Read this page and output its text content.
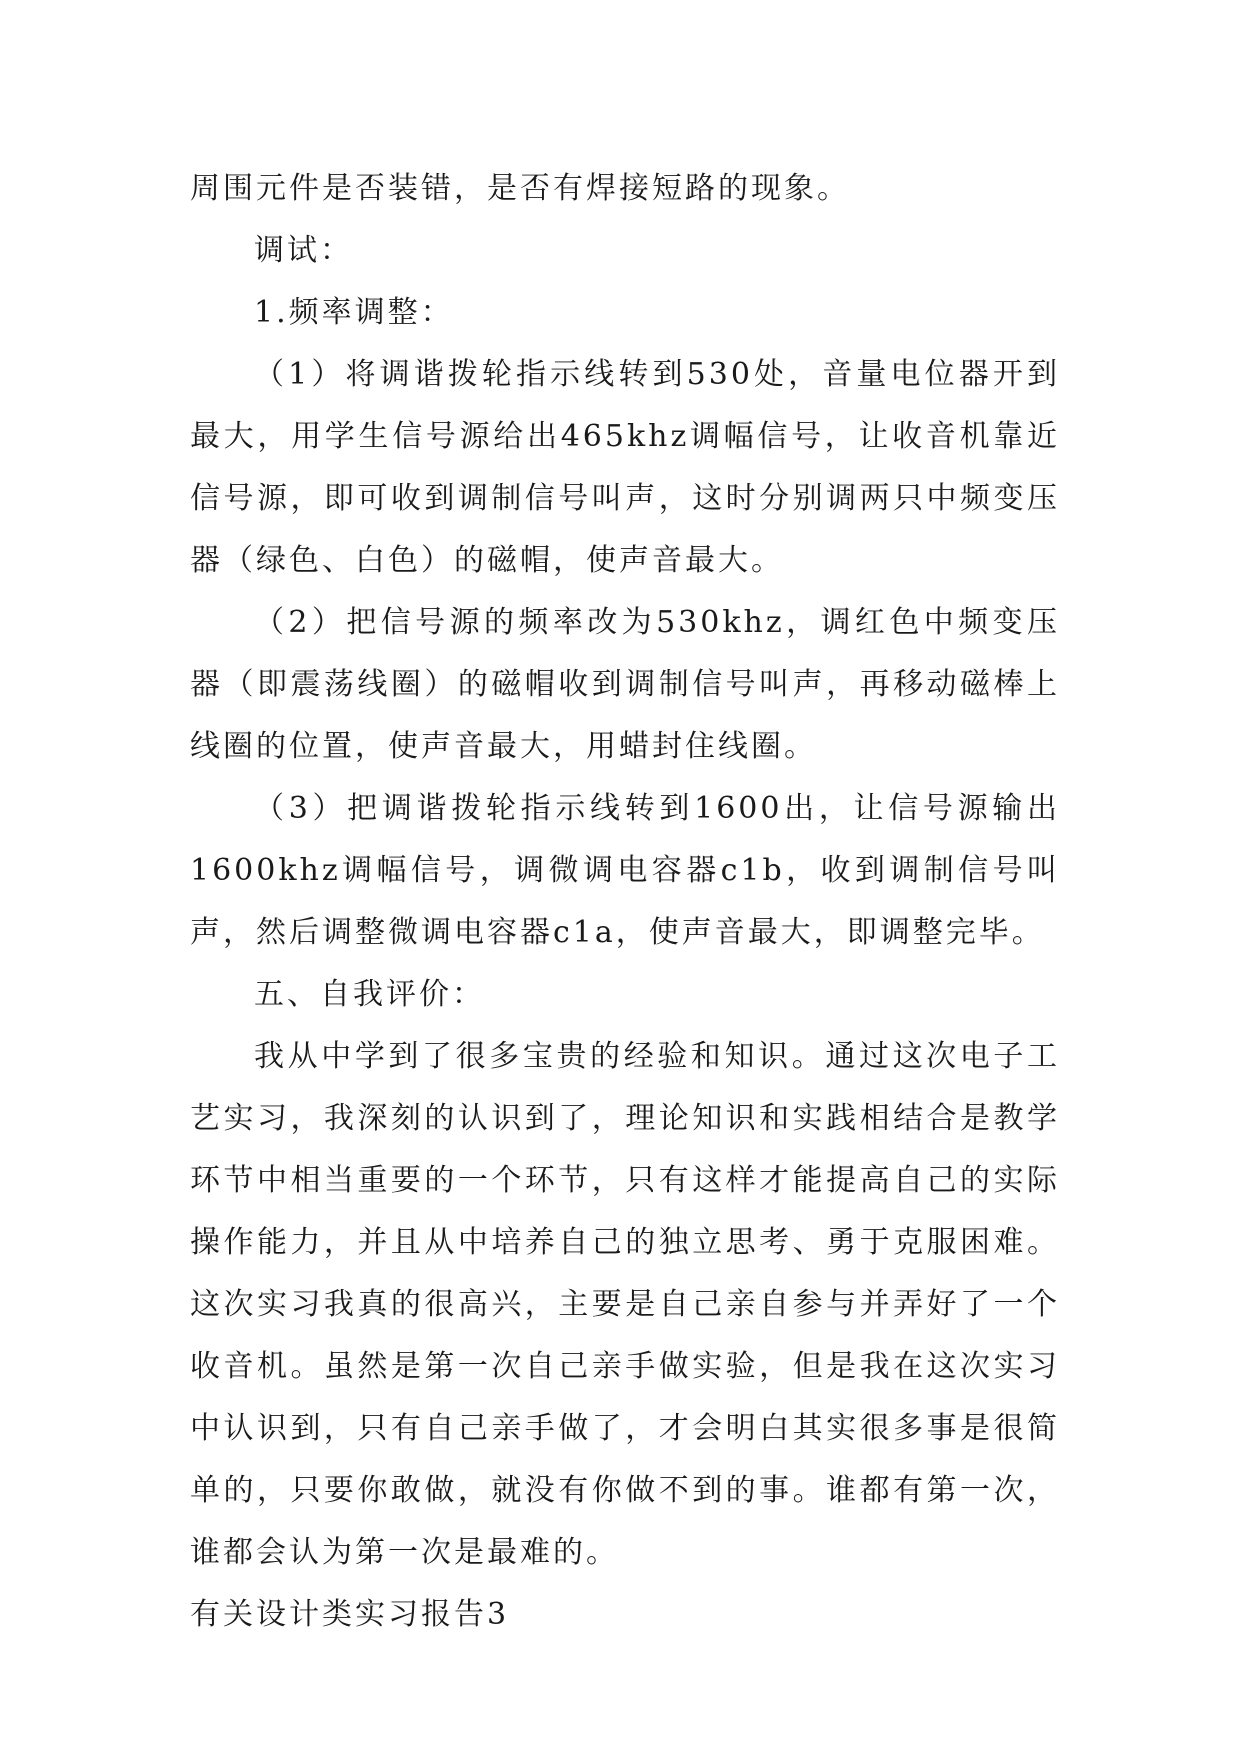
周围元件是否装错，是否有焊接短路的现象。

调试：

1.频率调整：

（1）将调谐拨轮指示线转到530处，音量电位器开到最大，用学生信号源给出465khz调幅信号，让收音机靠近信号源，即可收到调制信号叫声，这时分别调两只中频变压器（绿色、白色）的磁帽，使声音最大。

（2）把信号源的频率改为530khz，调红色中频变压器（即震荡线圈）的磁帽收到调制信号叫声，再移动磁棒上线圈的位置，使声音最大，用蜡封住线圈。

（3）把调谐拨轮指示线转到1600出，让信号源输出1600khz调幅信号，调微调电容器c1b，收到调制信号叫声，然后调整微调电容器c1a，使声音最大，即调整完毕。

五、自我评价：

我从中学到了很多宝贵的经验和知识。通过这次电子工艺实习，我深刻的认识到了，理论知识和实践相结合是教学环节中相当重要的一个环节，只有这样才能提高自己的实际操作能力，并且从中培养自己的独立思考、勇于克服困难。这次实习我真的很高兴，主要是自己亲自参与并弄好了一个收音机。虽然是第一次自己亲手做实验，但是我在这次实习中认识到，只有自己亲手做了，才会明白其实很多事是很简单的，只要你敢做，就没有你做不到的事。谁都有第一次，谁都会认为第一次是最难的。

有关设计类实习报告3
